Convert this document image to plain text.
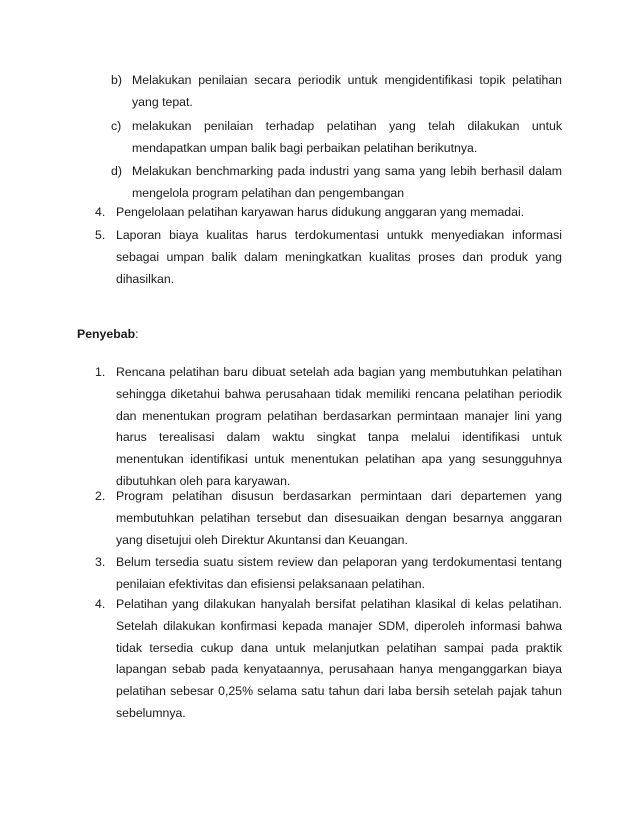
b) Melakukan penilaian secara periodik untuk mengidentifikasi topik pelatihan yang tepat.
c) melakukan penilaian terhadap pelatihan yang telah dilakukan untuk mendapatkan umpan balik bagi perbaikan pelatihan berikutnya.
d) Melakukan benchmarking pada industri yang sama yang lebih berhasil dalam mengelola program pelatihan dan pengembangan
4. Pengelolaan pelatihan karyawan harus didukung anggaran yang memadai.
5. Laporan biaya kualitas harus terdokumentasi untukk menyediakan informasi sebagai umpan balik dalam meningkatkan kualitas proses dan produk yang dihasilkan.
Penyebab:
1. Rencana pelatihan baru dibuat setelah ada bagian yang membutuhkan pelatihan sehingga diketahui bahwa perusahaan tidak memiliki rencana pelatihan periodik dan menentukan program pelatihan berdasarkan permintaan manajer lini yang harus terealisasi dalam waktu singkat tanpa melalui identifikasi untuk menentukan identifikasi untuk menentukan pelatihan apa yang sesungguhnya dibutuhkan oleh para karyawan.
2. Program pelatihan disusun berdasarkan permintaan dari departemen yang membutuhkan pelatihan tersebut dan disesuaikan dengan besarnya anggaran yang disetujui oleh Direktur Akuntansi dan Keuangan.
3. Belum tersedia suatu sistem review dan pelaporan yang terdokumentasi tentang penilaian efektivitas dan efisiensi pelaksanaan pelatihan.
4. Pelatihan yang dilakukan hanyalah bersifat pelatihan klasikal di kelas pelatihan. Setelah dilakukan konfirmasi kepada manajer SDM, diperoleh informasi bahwa tidak tersedia cukup dana untuk melanjutkan pelatihan sampai pada praktik lapangan sebab pada kenyataannya, perusahaan hanya menganggarkan biaya pelatihan sebesar 0,25% selama satu tahun dari laba bersih setelah pajak tahun sebelumnya.
